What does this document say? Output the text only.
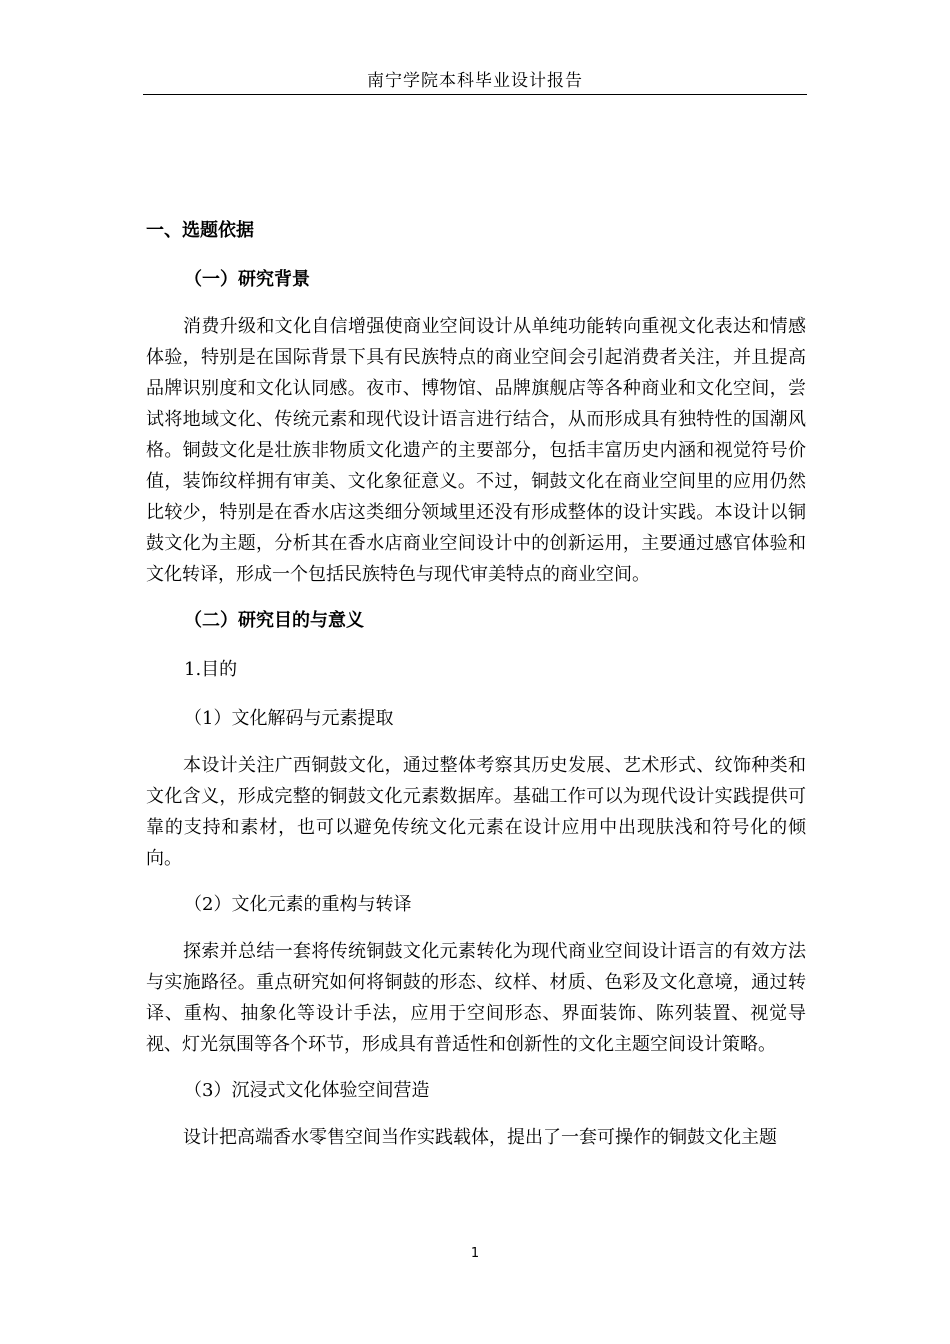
南宁学院本科毕业设计报告
一、选题依据
（一）研究背景
消费升级和文化自信增强使商业空间设计从单纯功能转向重视文化表达和情感体验，特别是在国际背景下具有民族特点的商业空间会引起消费者关注，并且提高品牌识别度和文化认同感。夜市、博物馆、品牌旗舰店等各种商业和文化空间，尝试将地域文化、传统元素和现代设计语言进行结合，从而形成具有独特性的国潮风格。铜鼓文化是壮族非物质文化遗产的主要部分，包括丰富历史内涵和视觉符号价值，装饰纹样拥有审美、文化象征意义。不过，铜鼓文化在商业空间里的应用仍然比较少，特别是在香水店这类细分领域里还没有形成整体的设计实践。本设计以铜鼓文化为主题，分析其在香水店商业空间设计中的创新运用，主要通过感官体验和文化转译，形成一个包括民族特色与现代审美特点的商业空间。
（二）研究目的与意义
1.目的
（1）文化解码与元素提取
本设计关注广西铜鼓文化，通过整体考察其历史发展、艺术形式、纹饰种类和文化含义，形成完整的铜鼓文化元素数据库。基础工作可以为现代设计实践提供可靠的支持和素材，也可以避免传统文化元素在设计应用中出现肤浅和符号化的倾向。
（2）文化元素的重构与转译
探索并总结一套将传统铜鼓文化元素转化为现代商业空间设计语言的有效方法与实施路径。重点研究如何将铜鼓的形态、纹样、材质、色彩及文化意境，通过转译、重构、抽象化等设计手法，应用于空间形态、界面装饰、陈列装置、视觉导视、灯光氛围等各个环节，形成具有普适性和创新性的文化主题空间设计策略。
（3）沉浸式文化体验空间营造
设计把高端香水零售空间当作实践载体，提出了一套可操作的铜鼓文化主题
1
